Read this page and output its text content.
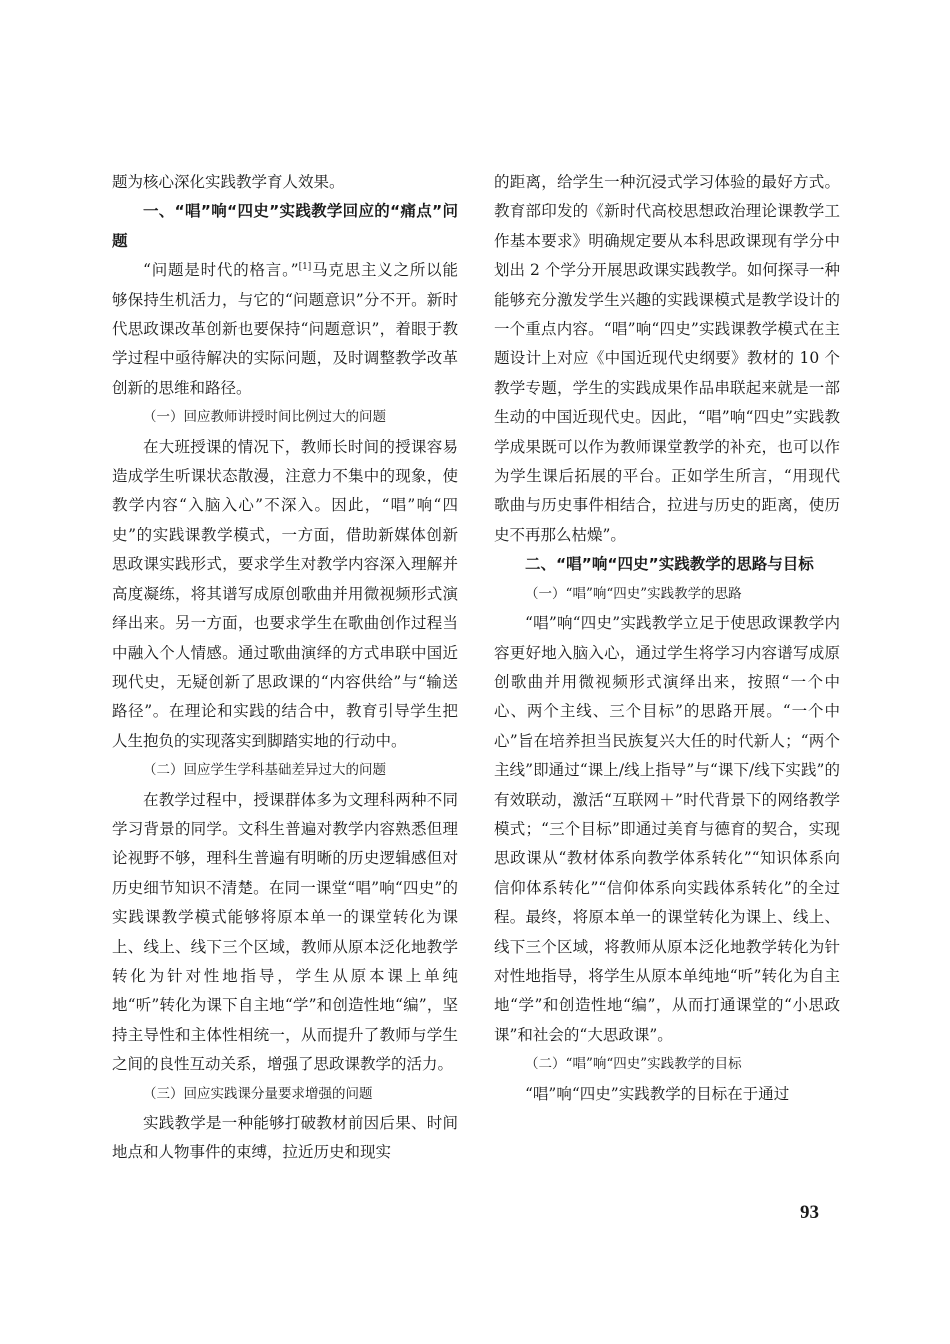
题为核心深化实践教学育人效果。

一、“唱”响“四史”实践教学回应的“痛点”问题

“问题是时代的格言。”[1]马克思主义之所以能够保持生机活力，与它的“问题意识”分不开。新时代思政课改革创新也要保持“问题意识”，着眼于教学过程中亟待解决的实际问题，及时调整教学改革创新的思维和路径。

（一）回应教师讲授时间比例过大的问题

在大班授课的情况下，教师长时间的授课容易造成学生听课状态散漫，注意力不集中的现象，使教学内容“入脑入心”不深入。因此，“唱”响“四史”的实践课教学模式，一方面，借助新媒体创新思政课实践形式，要求学生对教学内容深入理解并高度凝练，将其谱写成原创歌曲并用微视频形式演绎出来。另一方面，也要求学生在歌曲创作过程当中融入个人情感。通过歌曲演绎的方式串联中国近现代史，无疑创新了思政课的“内容供给”与“输送路径”。在理论和实践的结合中，教育引导学生把人生抱负的实现落实到脚踏实地的行动中。

（二）回应学生学科基础差异过大的问题

在教学过程中，授课群体多为文理科两种不同学习背景的同学。文科生普遍对教学内容熟悉但理论视野不够，理科生普遍有明晰的历史逻辑感但对历史细节知识不清楚。在同一课堂“唱”响“四史”的实践课教学模式能够将原本单一的课堂转化为课上、线上、线下三个区域，教师从原本泛化地教学转化为针对性地指导，学生从原本课上单纯地“听”转化为课下自主地“学”和创造性地“编”，坚持主导性和主体性相统一，从而提升了教师与学生之间的良性互动关系，增强了思政课教学的活力。

（三）回应实践课分量要求增强的问题

实践教学是一种能够打破教材前因后果、时间地点和人物事件的束缚，拉近历史和现实

的距离，给学生一种沉浸式学习体验的最好方式。教育部印发的《新时代高校思想政治理论课教学工作基本要求》明确规定要从本科思政课现有学分中划出 2 个学分开展思政课实践教学。如何探寻一种能够充分激发学生兴趣的实践课模式是教学设计的一个重点内容。“唱”响“四史”实践课教学模式在主题设计上对应《中国近现代史纲要》教材的 10 个教学专题，学生的实践成果作品串联起来就是一部生动的中国近现代史。因此，“唱”响“四史”实践教学成果既可以作为教师课堂教学的补充，也可以作为学生课后拓展的平台。正如学生所言，“用现代歌曲与历史事件相结合，拉进与历史的距离，使历史不再那么枯燥”。

二、“唱”响“四史”实践教学的思路与目标
（一）“唱”响“四史”实践教学的思路

“唱”响“四史”实践教学立足于使思政课教学内容更好地入脑入心，通过学生将学习内容谱写成原创歌曲并用微视频形式演绎出来，按照“一个中心、两个主线、三个目标”的思路开展。“一个中心”旨在培养担当民族复兴大任的时代新人；“两个主线”即通过“课上/线上指导”与“课下/线下实践”的有效联动，激活“互联网＋”时代背景下的网络教学模式；“三个目标”即通过美育与德育的契合，实现思政课从“教材体系向教学体系转化”“知识体系向信仰体系转化”“信仰体系向实践体系转化”的全过程。最终，将原本单一的课堂转化为课上、线上、线下三个区域，将教师从原本泛化地教学转化为针对性地指导，将学生从原本单纯地“听”转化为自主地“学”和创造性地“编”，从而打通课堂的“小思政课”和社会的“大思政课”。

（二）“唱”响“四史”实践教学的目标

“唱”响“四史”实践教学的目标在于通过

93
